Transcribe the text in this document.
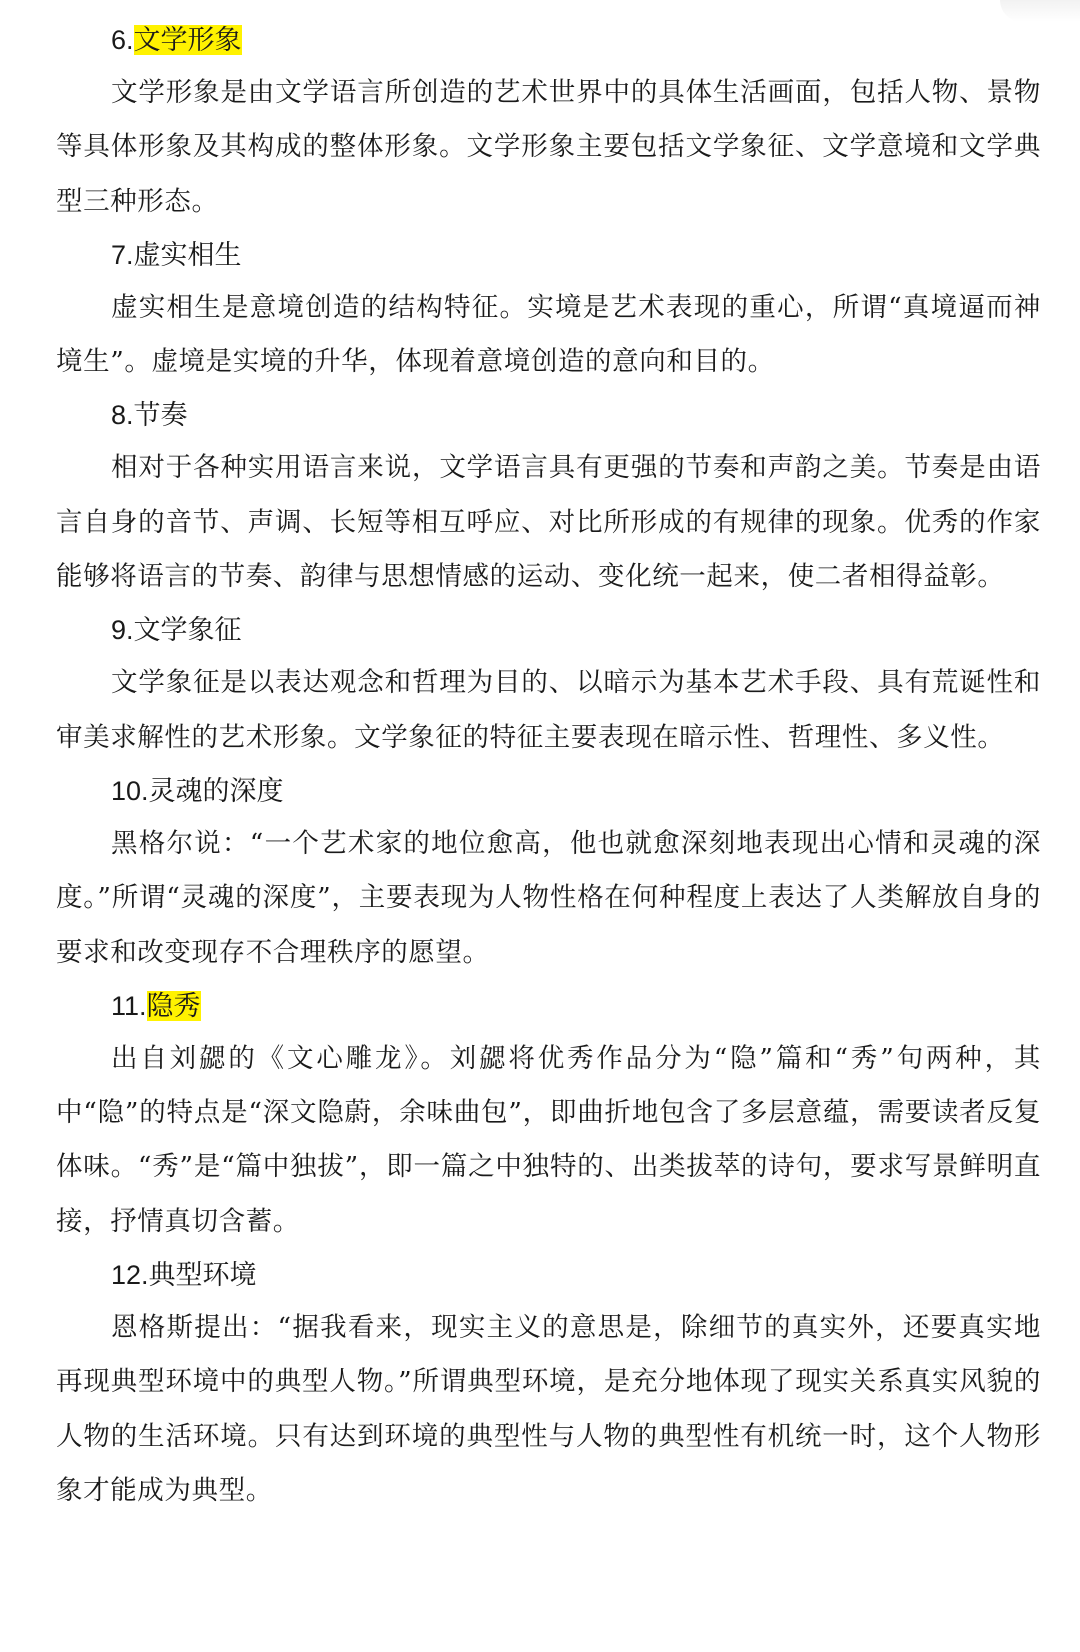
6.文学形象

文学形象是由文学语言所创造的艺术世界中的具体生活画面，包括人物、景物等具体形象及其构成的整体形象。文学形象主要包括文学象征、文学意境和文学典型三种形态。

7.虚实相生

虚实相生是意境创造的结构特征。实境是艺术表现的重心，所谓“真境逼而神境生”。虚境是实境的升华，体现着意境创造的意向和目的。

8.节奏

相对于各种实用语言来说，文学语言具有更强的节奏和声韵之美。节奏是由语言自身的音节、声调、长短等相互呼应、对比所形成的有规律的现象。优秀的作家能够将语言的节奏、韵律与思想情感的运动、变化统一起来，使二者相得益彰。

9.文学象征

文学象征是以表达观念和哲理为目的、以暗示为基本艺术手段、具有荒诞性和审美求解性的艺术形象。文学象征的特征主要表现在暗示性、哲理性、多义性。

10.灵魂的深度

黑格尔说：“一个艺术家的地位愈高，他也就愈深刻地表现出心情和灵魂的深度。”所谓“灵魂的深度”，主要表现为人物性格在何种程度上表达了人类解放自身的要求和改变现存不合理秩序的愿望。

11.隐秀

出自刘勰的《文心雕龙》。刘勰将优秀作品分为“隐”篇和“秀”句两种，其中“隐”的特点是“深文隐蔚，余味曲包”，即曲折地包含了多层意蕴，需要读者反复体味。“秀”是“篇中独拔”，即一篇之中独特的、出类拔萃的诗句，要求写景鲜明直接，抒情真切含蓄。

12.典型环境

恩格斯提出：“据我看来，现实主义的意思是，除细节的真实外，还要真实地再现典型环境中的典型人物。”所谓典型环境，是充分地体现了现实关系真实风貌的人物的生活环境。只有达到环境的典型性与人物的典型性有机统一时，这个人物形象才能成为典型。
